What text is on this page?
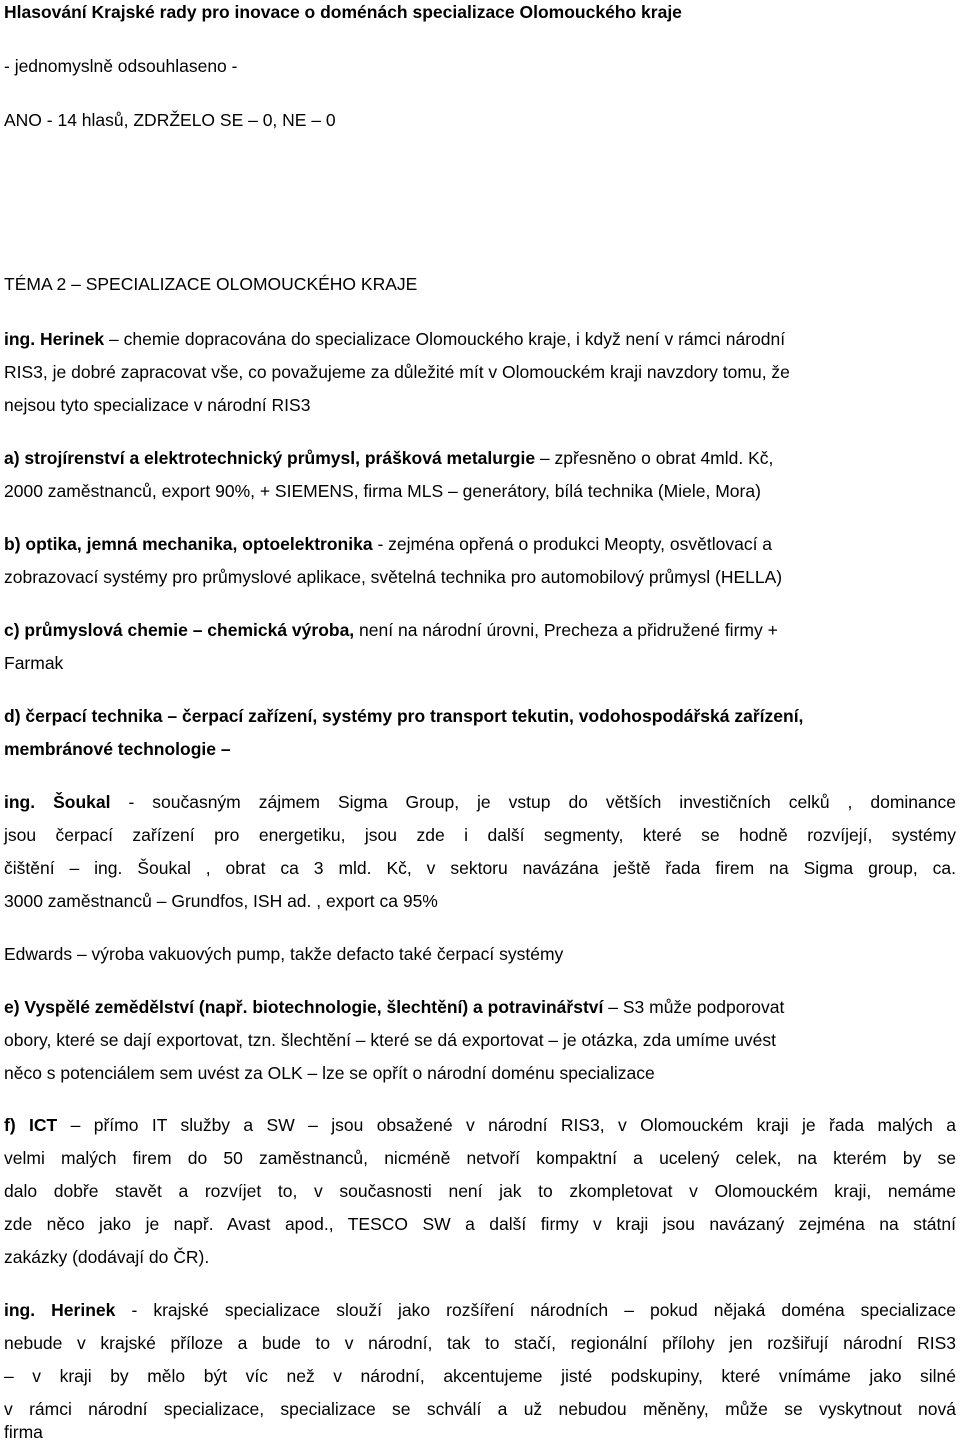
Hlasování Krajské rady pro inovace o doménách specializace Olomouckého kraje
- jednomyslně odsouhlaseno -
ANO - 14 hlasů, ZDRŽELO SE – 0, NE – 0
TÉMA 2 – SPECIALIZACE OLOMOUCKÉHO KRAJE
ing. Herinek – chemie dopracována do specializace Olomouckého kraje, i když není v rámci národní
RIS3, je dobré zapracovat vše, co považujeme za důležité mít v Olomouckém kraji navzdory tomu, že
nejsou tyto specializace v národní RIS3
a) strojírenství a elektrotechnický průmysl, prášková metalurgie – zpřesněno o obrat 4mld. Kč,
2000 zaměstnanců, export 90%, + SIEMENS, firma MLS – generátory, bílá technika (Miele, Mora)
b) optika, jemná mechanika, optoelektronika - zejména opřená o produkci Meopty, osvětlovací a
zobrazovací systémy pro průmyslové aplikace, světelná technika pro automobilový průmysl (HELLA)
c) průmyslová chemie – chemická výroba, není na národní úrovni, Precheza a přidružené firmy +
Farmak
d) čerpací technika – čerpací zařízení, systémy pro transport tekutin, vodohospodářská zařízení,
membránové technologie –
ing. Šoukal - současným zájmem Sigma Group, je vstup do větších investičních celků , dominance
jsou čerpací zařízení pro energetiku, jsou zde i další segmenty, které se hodně rozvíjejí, systémy
čištění – ing. Šoukal , obrat ca 3 mld. Kč, v sektoru navázána ještě řada firem na Sigma group, ca.
3000 zaměstnanců – Grundfos, ISH ad. , export ca 95%
Edwards – výroba vakuových pump, takže defacto také čerpací systémy
e) Vyspělé zemědělství (např. biotechnologie, šlechtění) a potravinářství – S3 může podporovat
obory, které se dají exportovat, tzn. šlechtění – které se dá exportovat – je otázka, zda umíme uvést
něco s potenciálem sem uvést za OLK – lze se opřít o národní doménu specializace
f) ICT – přímo IT služby a SW – jsou obsažené v národní RIS3, v Olomouckém kraji je řada malých a
velmi malých firem do 50 zaměstnanců, nicméně netvoří kompaktní a ucelený celek, na kterém by se
dalo dobře stavět a rozvíjet to, v současnosti není jak to zkompletovat v Olomouckém kraji, nemáme
zde něco jako je např. Avast apod., TESCO SW a další firmy v kraji jsou navázaný zejména na státní
zakázky (dodávají do ČR).
ing. Herinek - krajské specializace slouží jako rozšíření národních – pokud nějaká doména specializace
nebude v krajské příloze a bude to v národní, tak to stačí, regionální přílohy jen rozšiřují národní RIS3
– v kraji by mělo být víc než v národní, akcentujeme jisté podskupiny, které vnímáme jako silné
v rámci národní specializace, specializace se schválí a už nebudou měněny, může se vyskytnout nová
firma
